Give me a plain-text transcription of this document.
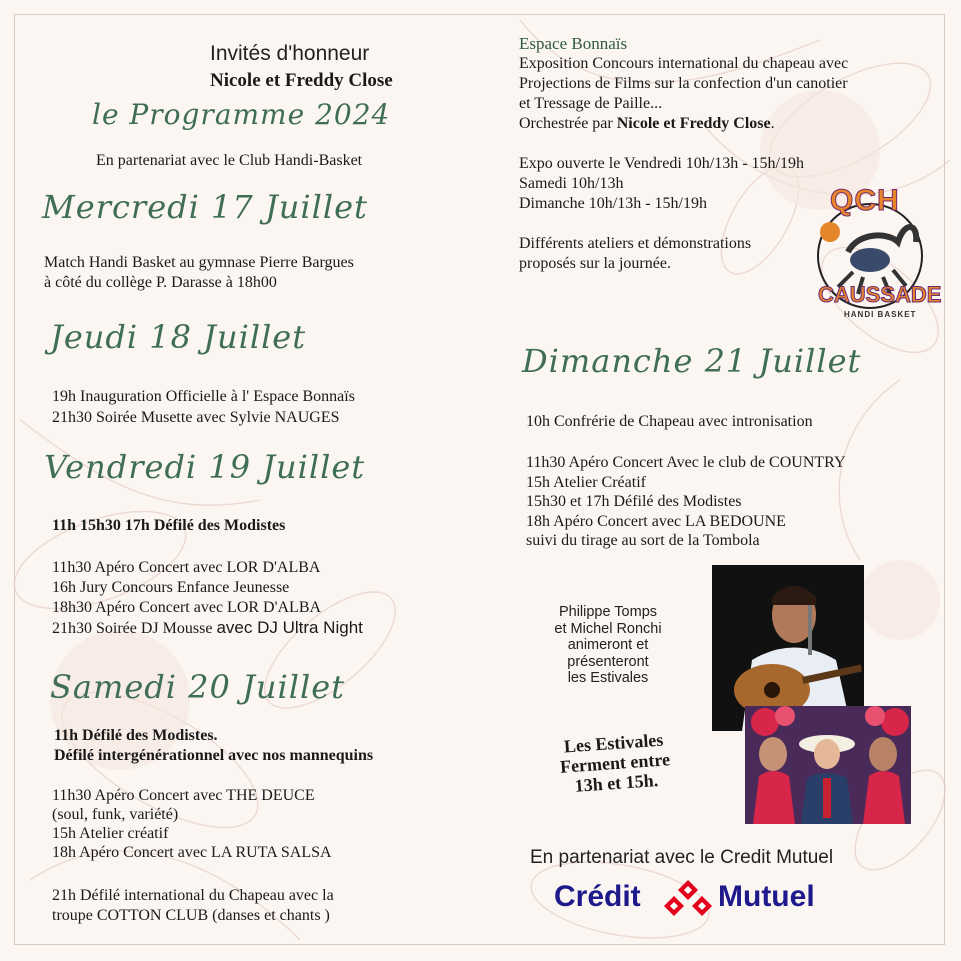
Invités d'honneur
Nicole et Freddy Close
le Programme 2024
En partenariat avec le Club Handi-Basket
Mercredi 17 Juillet
Match Handi Basket au gymnase Pierre Bargues
à côté du collège P. Darasse à 18h00
Jeudi 18 Juillet
19h Inauguration Officielle à l' Espace Bonnaïs
21h30 Soirée Musette avec Sylvie NAUGES
Vendredi 19 Juillet
11h 15h30 17h Défilé des Modistes
11h30 Apéro Concert avec LOR D'ALBA
16h Jury Concours Enfance Jeunesse
18h30 Apéro Concert avec LOR D'ALBA
21h30 Soirée DJ Mousse avec DJ Ultra Night
Samedi 20 Juillet
11h Défilé des Modistes.
Défilé intergénérationnel avec nos mannequins
11h30 Apéro Concert avec THE DEUCE
(soul, funk, variété)
15h Atelier créatif
18h Apéro Concert avec LA RUTA SALSA
21h Défilé international du Chapeau avec la
troupe COTTON CLUB (danses et chants )
Espace Bonnaïs
Exposition Concours international du chapeau avec
Projections de Films sur la confection d'un canotier
et Tressage de Paille...
Orchestrée par Nicole et Freddy Close.
Expo ouverte le Vendredi 10h/13h - 15h/19h
Samedi 10h/13h
Dimanche 10h/13h - 15h/19h
Différents ateliers et démonstrations
proposés sur la journée.
QCH
CAUSSADE
HANDI BASKET
Dimanche 21 Juillet
10h Confrérie de Chapeau avec intronisation
11h30 Apéro Concert Avec le club de COUNTRY
15h Atelier Créatif
15h30 et 17h Défilé des Modistes
18h Apéro Concert avec LA BEDOUNE
suivi du tirage au sort de la Tombola
Philippe Tomps
et Michel Ronchi
animeront et
présenteront
les Estivales
Les Estivales
Ferment entre
13h et 15h.
En partenariat avec le Credit Mutuel
Crédit	Mutuel
